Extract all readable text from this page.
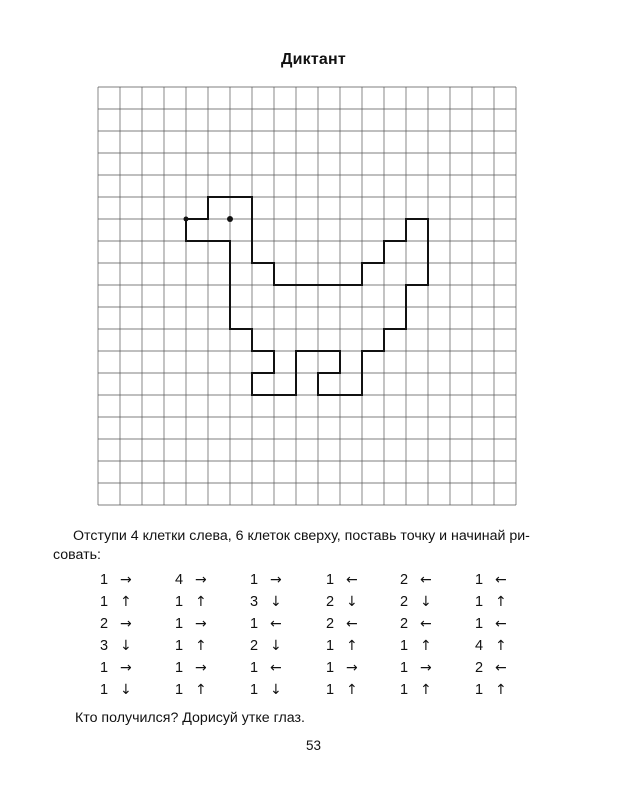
Диктант
Отступи 4 клетки слева, 6 клеток сверху, поставь точку и начинай ри-совать:
1 →
1 ↑
2 →
3 ↓
1 →
1 ↓
4 →
1 ↑
1 →
1 ↑
1 →
1 ↑
1 →
3 ↓
1 ←
2 ↓
1 ←
1 ↓
1 ←
2 ↓
2 ←
1 ↑
1 →
1 ↑
2 ←
2 ↓
2 ←
1 ↑
1 →
1 ↑
1 ←
1 ↑
1 ←
4 ↑
2 ←
1 ↑
Кто получился? Дорисуй утке глаз.
53
